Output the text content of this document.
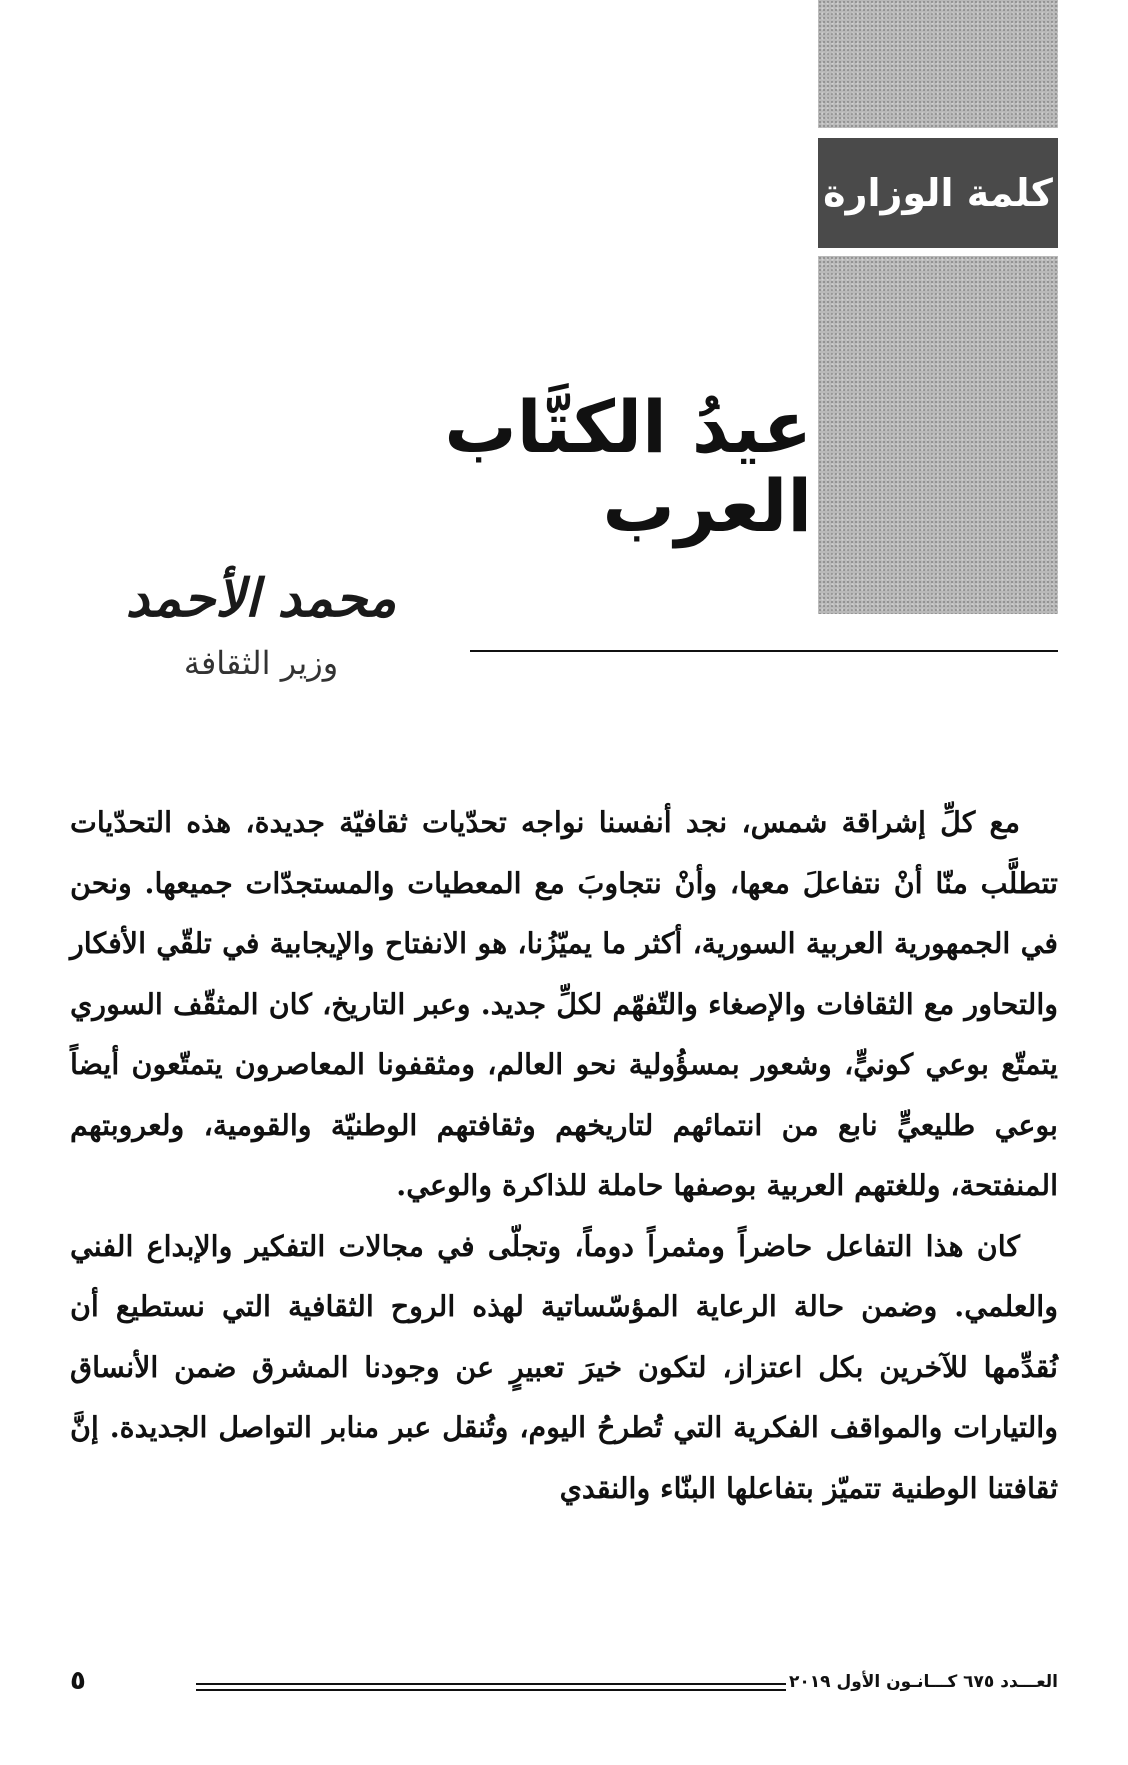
كلمة الوزارة
عيدُ الكتَّاب العرب
محمد الأحمد
وزير الثقافة

مع كلِّ إشراقة شمس، نجد أنفسنا نواجه تحدّيات ثقافيّة جديدة، هذه التحدّيات تتطلَّب منّا أنْ نتفاعلَ معها، وأنْ نتجاوبَ مع المعطيات والمستجدّات جميعها. ونحن في الجمهورية العربية السورية، أكثر ما يميّزُنا، هو الانفتاح والإيجابية في تلقّي الأفكار والتحاور مع الثقافات والإصغاء والتّفهّم لكلِّ جديد. وعبر التاريخ، كان المثقّف السوري يتمتّع بوعي كونيٍّ، وشعور بمسؤُولية نحو العالم، ومثقفونا المعاصرون يتمتّعون أيضاً بوعي طليعيٍّ نابع من انتمائهم لتاريخهم وثقافتهم الوطنيّة والقومية، ولعروبتهم المنفتحة، وللغتهم العربية بوصفها حاملة للذاكرة والوعي.

كان هذا التفاعل حاضراً ومثمراً دوماً، وتجلّى في مجالات التفكير والإبداع الفني والعلمي. وضمن حالة الرعاية المؤسّساتية لهذه الروح الثقافية التي نستطيع أن نُقدِّمها للآخرين بكل اعتزاز، لتكون خيرَ تعبيرٍ عن وجودنا المشرق ضمن الأنساق والتيارات والمواقف الفكرية التي تُطرحُ اليوم، وتُنقل عبر منابر التواصل الجديدة. إنَّ ثقافتنا الوطنية تتميّز بتفاعلها البنّاء والنقدي

العـــدد ٦٧٥ كـــانـون الأول ٢٠١٩
٥
